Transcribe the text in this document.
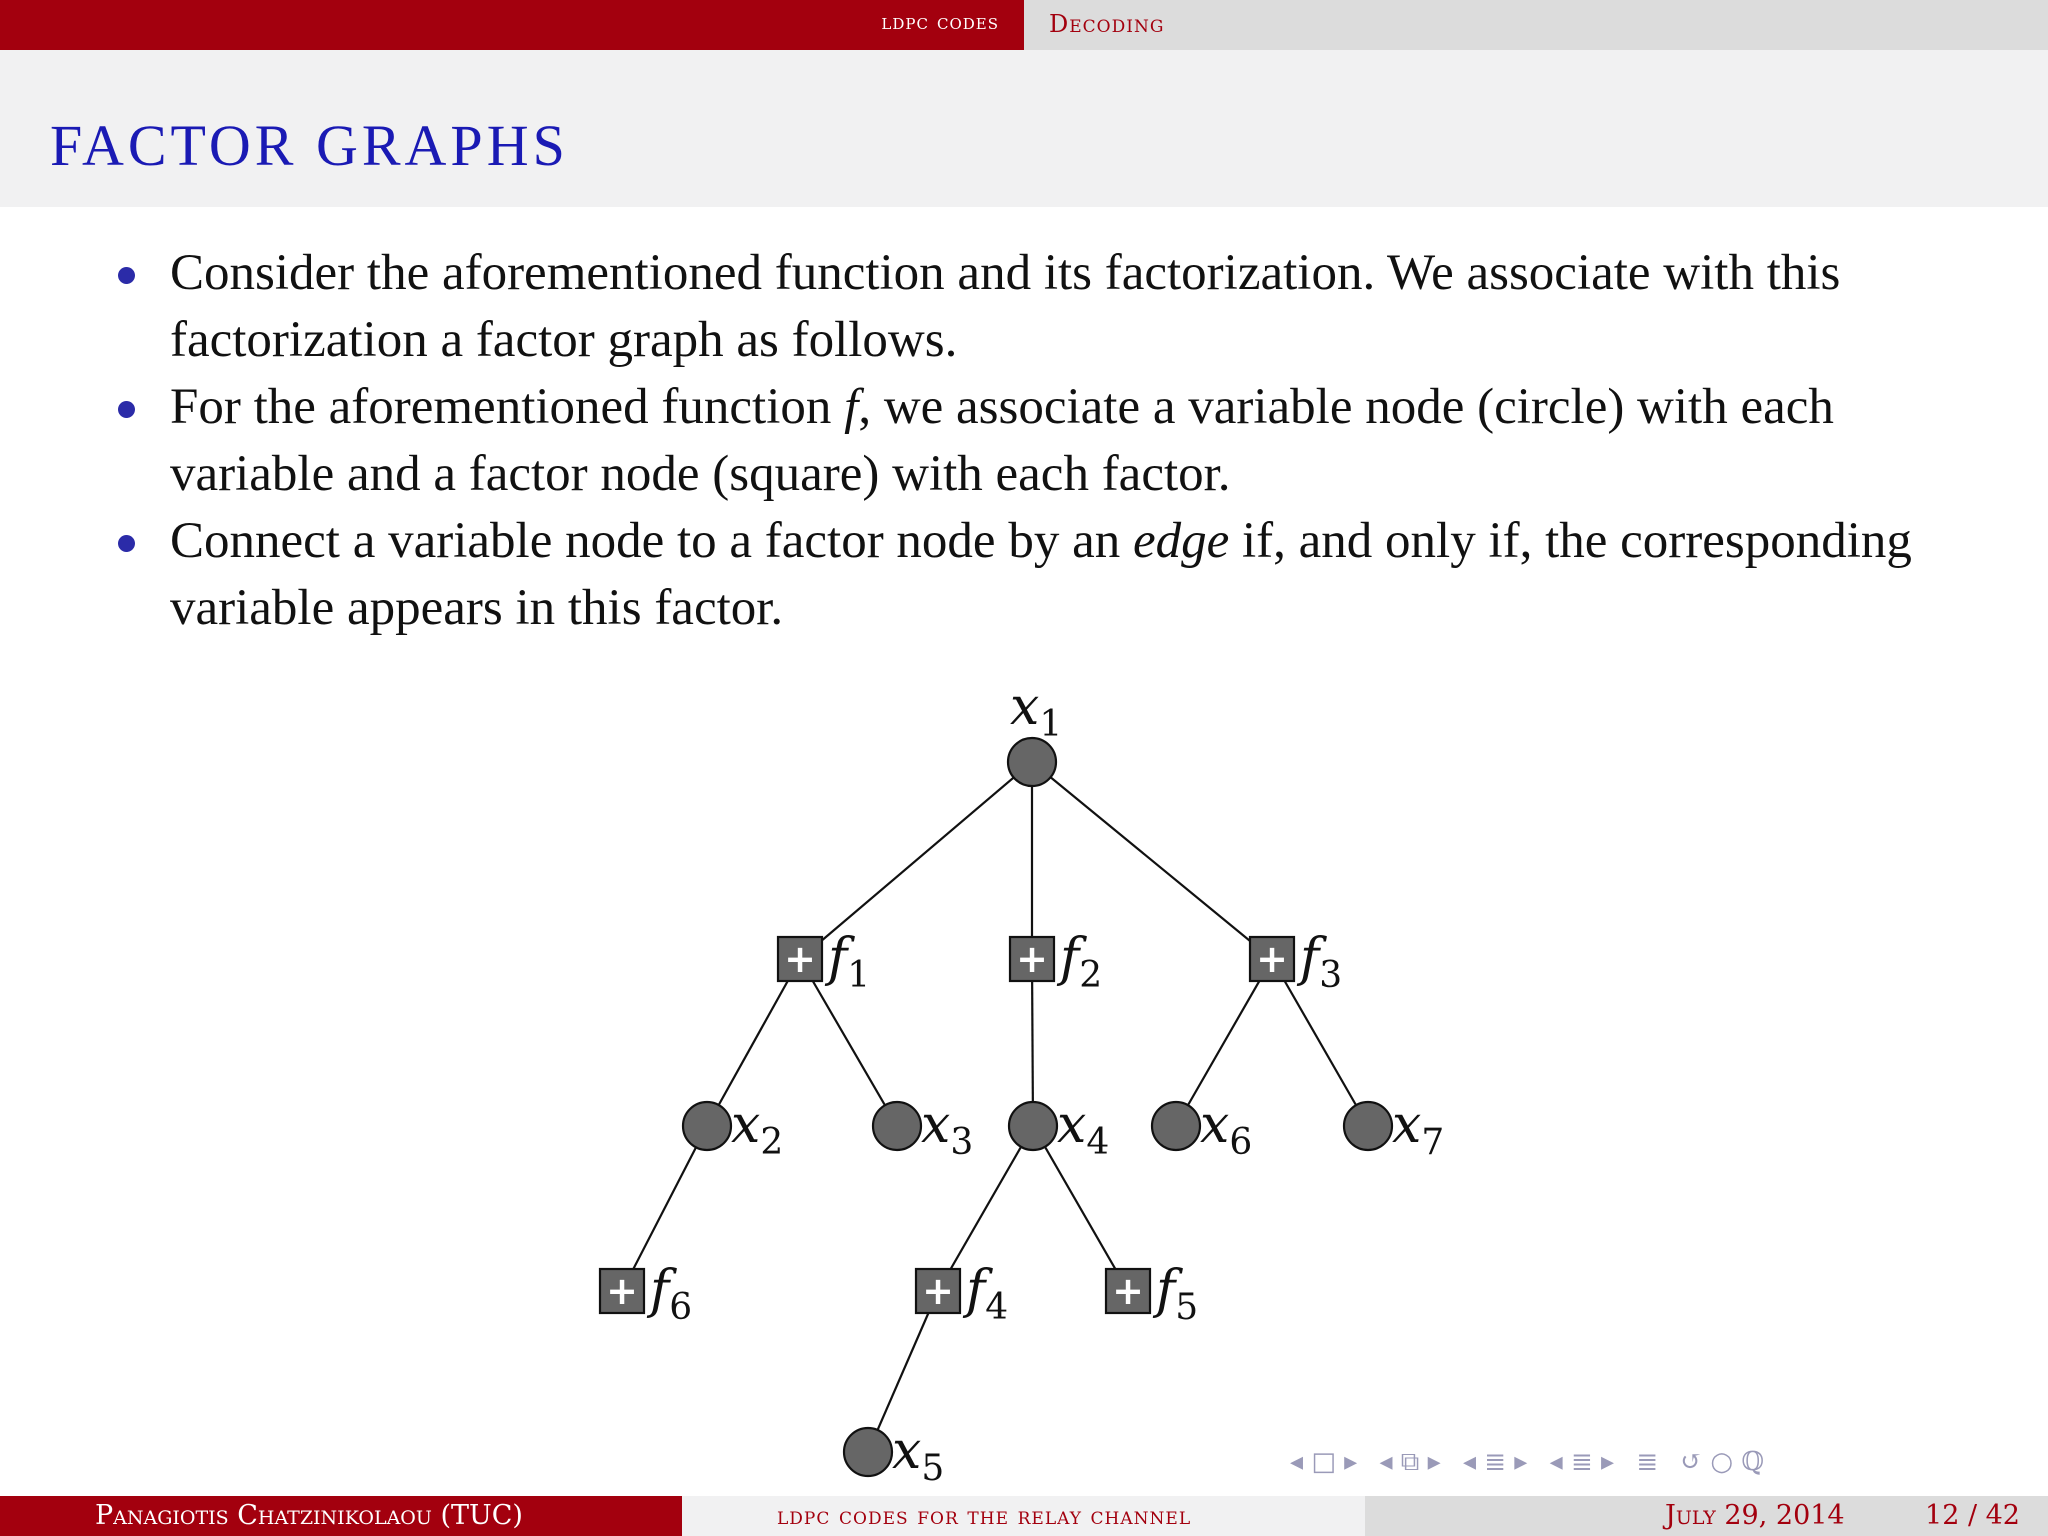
ldpc codes Decoding
FACTOR GRAPHS
Consider the aforementioned function and its factorization. We associate with this factorization a factor graph as follows.
For the aforementioned function f, we associate a variable node (circle) with each variable and a factor node (square) with each factor.
Connect a variable node to a factor node by an edge if, and only if, the corresponding variable appears in this factor.
$x_1$
$x_2$	$x_3$ $x_4$
$x_5$
$x_6$	$x_7$
+ $f_1$	+ $f_2$	+ $f_3$
+ $f_4$	+ $f_5$
+ $f_6$
◂ □ ▸ ◂ ⧉ ▸ ◂ ≣ ▸ ◂ ≣ ▸ ≣ ↺ ○ ℚ
Panagiotis Chatzinikolaou (TUC)	ldpc codes for the relay channel	July 29, 2014	12 / 42
